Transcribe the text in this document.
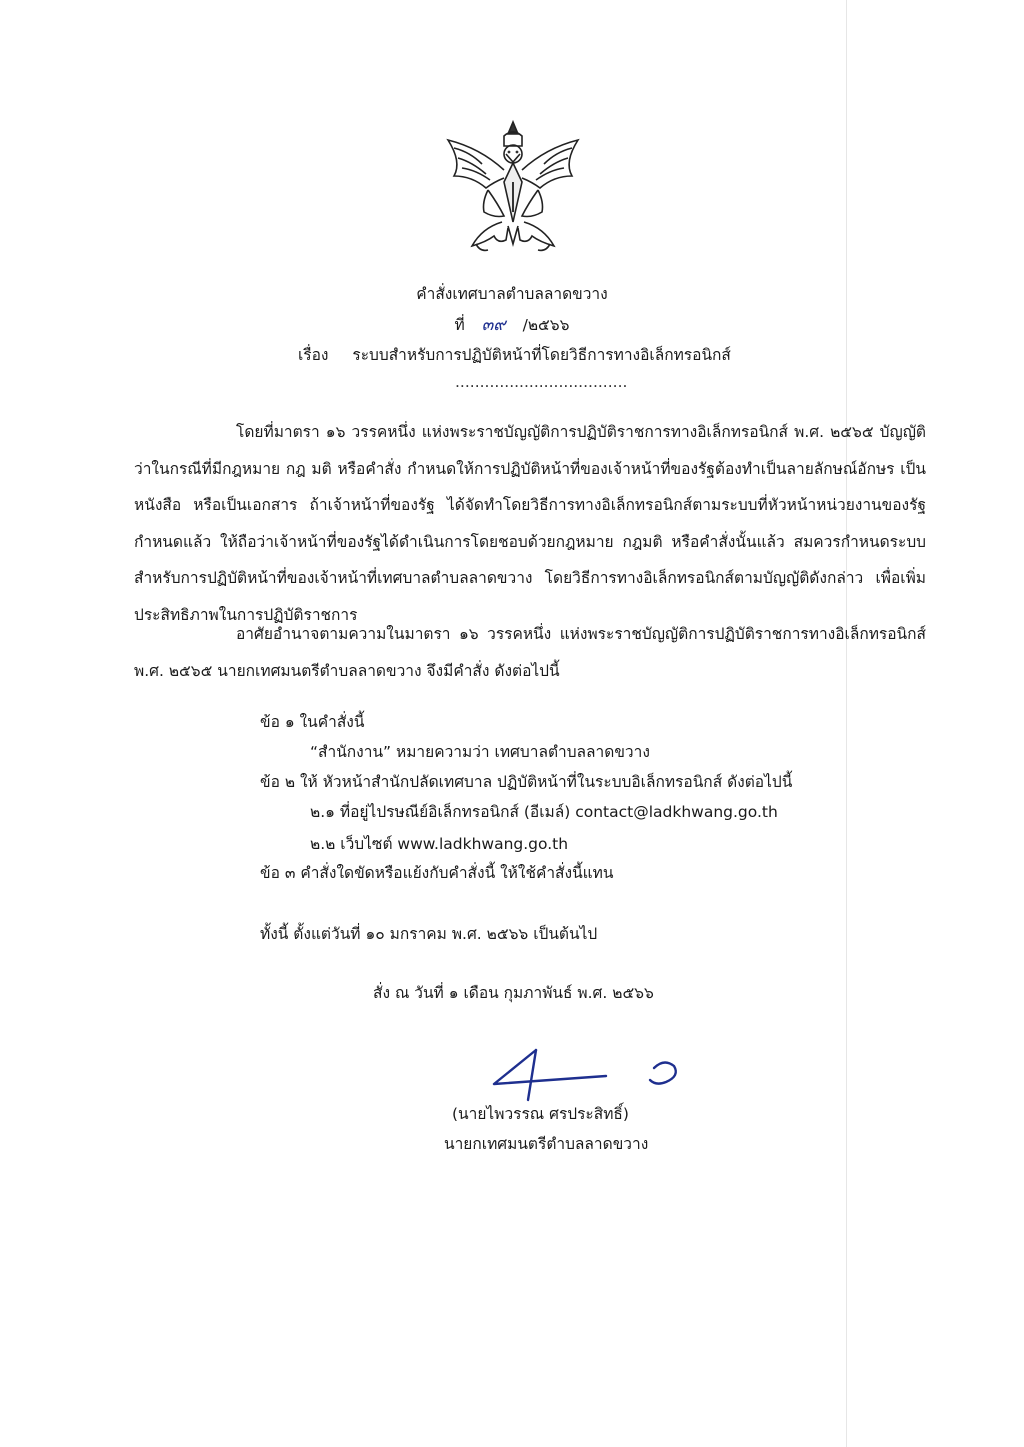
คำสั่งเทศบาลตำบลลาดขวาง
ที่ ๓๙ /๒๕๖๖
เรื่อง ระบบสำหรับการปฏิบัติหน้าที่โดยวิธีการทางอิเล็กทรอนิกส์
...................................
โดยที่มาตรา ๑๖ วรรคหนึ่ง แห่งพระราชบัญญัติการปฏิบัติราชการทางอิเล็กทรอนิกส์ พ.ศ. ๒๕๖๕ บัญญัติว่าในกรณีที่มีกฎหมาย กฎ มติ หรือคำสั่ง กำหนดให้การปฏิบัติหน้าที่ของเจ้าหน้าที่ของรัฐต้องทำเป็นลายลักษณ์อักษร เป็นหนังสือ หรือเป็นเอกสาร ถ้าเจ้าหน้าที่ของรัฐ ได้จัดทำโดยวิธีการทางอิเล็กทรอนิกส์ตามระบบที่หัวหน้าหน่วยงานของรัฐกำหนดแล้ว ให้ถือว่าเจ้าหน้าที่ของรัฐได้ดำเนินการโดยชอบด้วยกฎหมาย กฎมติ หรือคำสั่งนั้นแล้ว สมควรกำหนดระบบสำหรับการปฏิบัติหน้าที่ของเจ้าหน้าที่เทศบาลตำบลลาดขวาง โดยวิธีการทางอิเล็กทรอนิกส์ตามบัญญัติดังกล่าว เพื่อเพิ่มประสิทธิภาพในการปฏิบัติราชการ
อาศัยอำนาจตามความในมาตรา ๑๖ วรรคหนึ่ง แห่งพระราชบัญญัติการปฏิบัติราชการทางอิเล็กทรอนิกส์ พ.ศ. ๒๕๖๕ นายกเทศมนตรีตำบลลาดขวาง จึงมีคำสั่ง ดังต่อไปนี้
ข้อ ๑ ในคำสั่งนี้
“สำนักงาน” หมายความว่า เทศบาลตำบลลาดขวาง
ข้อ ๒ ให้ หัวหน้าสำนักปลัดเทศบาล ปฏิบัติหน้าที่ในระบบอิเล็กทรอนิกส์ ดังต่อไปนี้
๒.๑ ที่อยู่ไปรษณีย์อิเล็กทรอนิกส์ (อีเมล์) contact@ladkhwang.go.th
๒.๒ เว็บไซต์ www.ladkhwang.go.th
ข้อ ๓ คำสั่งใดขัดหรือแย้งกับคำสั่งนี้ ให้ใช้คำสั่งนี้แทน
ทั้งนี้ ตั้งแต่วันที่ ๑๐ มกราคม พ.ศ. ๒๕๖๖ เป็นต้นไป
สั่ง ณ วันที่ ๑ เดือน กุมภาพันธ์ พ.ศ. ๒๕๖๖
(นายไพวรรณ ศรประสิทธิ์)
นายกเทศมนตรีตำบลลาดขวาง
